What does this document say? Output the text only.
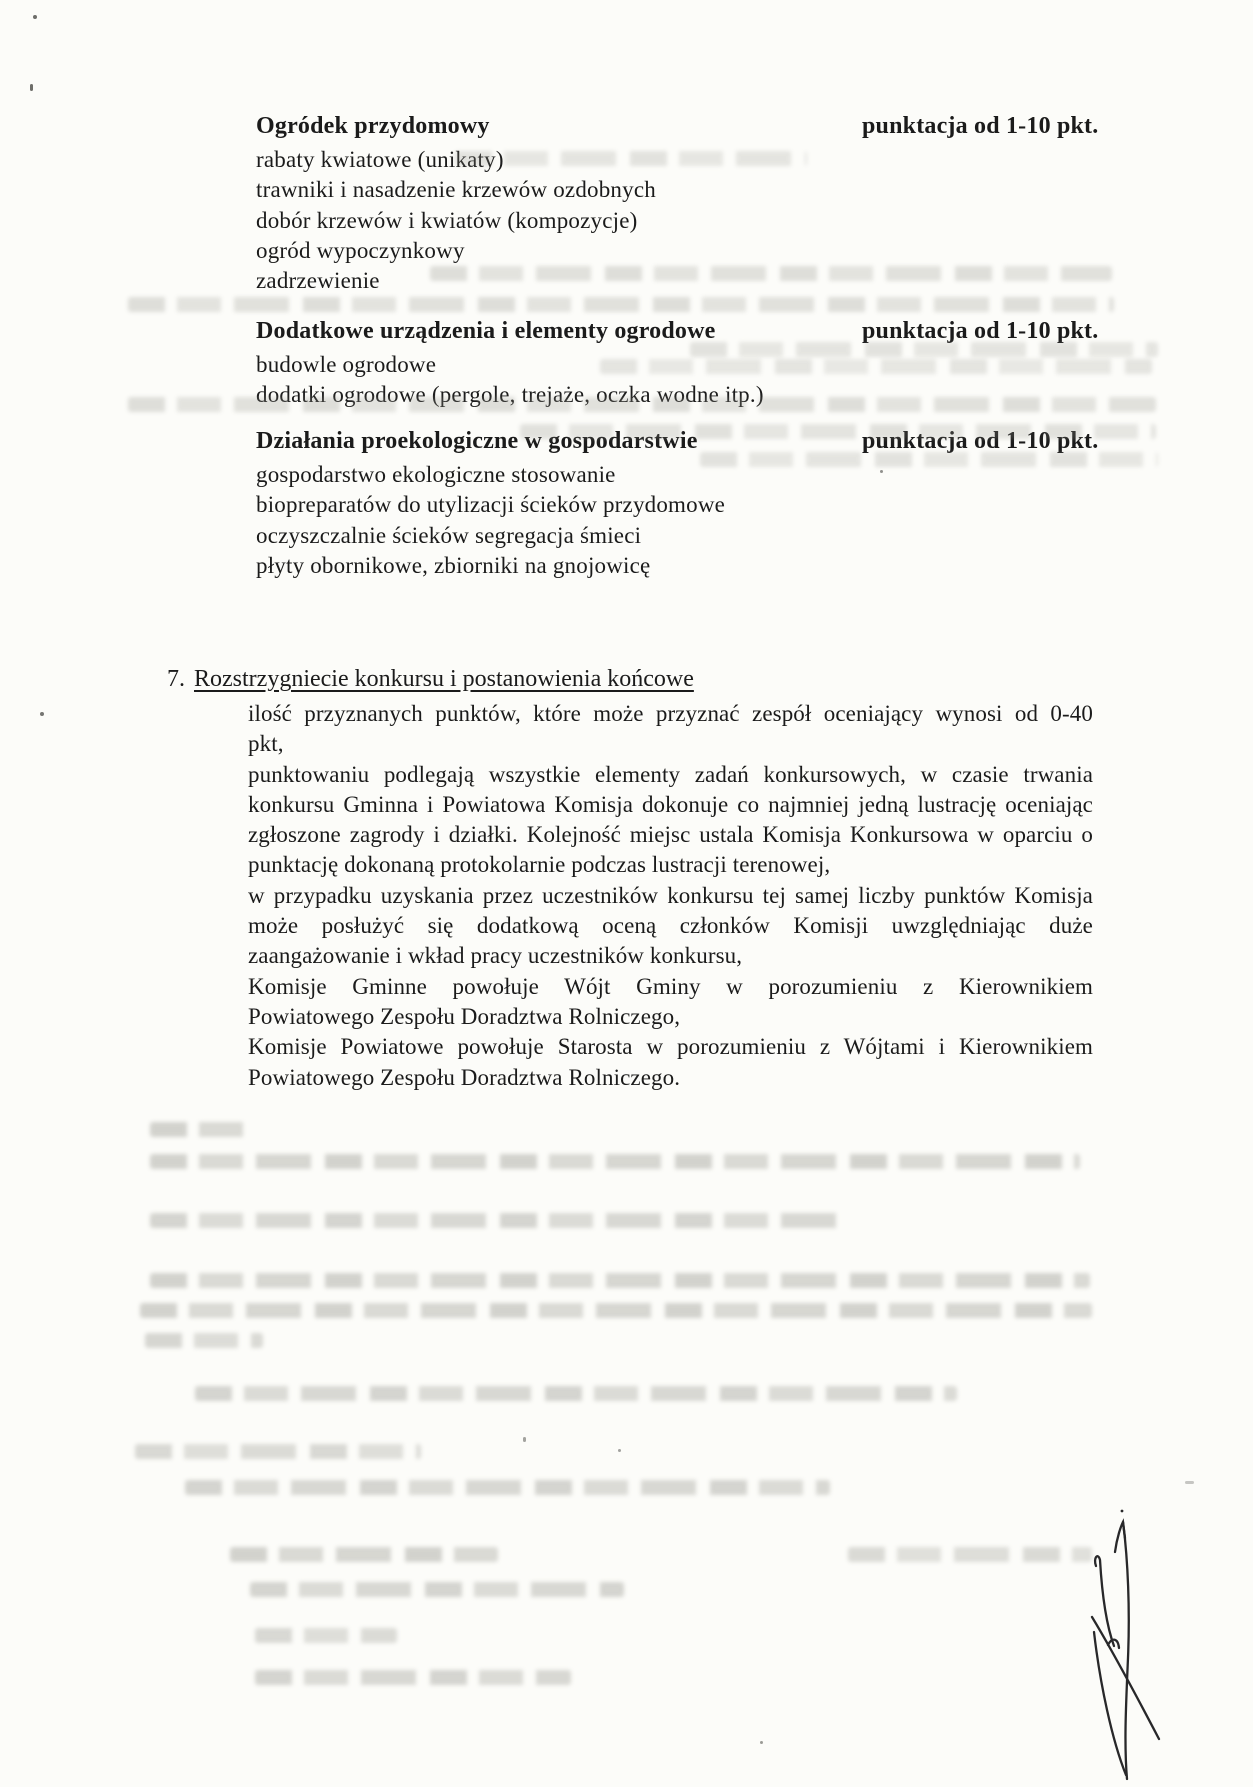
Ogródek przydomowy
rabaty kwiatowe (unikaty)
trawniki i nasadzenie krzewów ozdobnych
dobór krzewów i kwiatów (kompozycje)
ogród wypoczynkowy
zadrzewienie
punktacja od 1-10 pkt.
Dodatkowe urządzenia i elementy ogrodowe
budowle ogrodowe
dodatki ogrodowe (pergole, trejaże, oczka wodne itp.)
punktacja od 1-10 pkt.
Działania proekologiczne w gospodarstwie
gospodarstwo ekologiczne stosowanie
biopreparatów do utylizacji ścieków przydomowe
oczyszczalnie ścieków segregacja śmieci
płyty obornikowe, zbiorniki na gnojowicę
punktacja od 1-10 pkt.
7. Rozstrzygniecie konkursu i postanowienia końcowe
ilość przyznanych punktów, które może przyznać zespół oceniający wynosi od 0-40
pkt,
punktowaniu podlegają wszystkie elementy zadań konkursowych, w czasie trwania
konkursu Gminna i Powiatowa Komisja dokonuje co najmniej jedną lustrację oceniając
zgłoszone zagrody i działki. Kolejność miejsc ustala Komisja Konkursowa w oparciu o
punktację dokonaną protokolarnie podczas lustracji terenowej,
w przypadku uzyskania przez uczestników konkursu tej samej liczby punktów Komisja
może posłużyć się dodatkową oceną członków Komisji uwzględniając duże
zaangażowanie i wkład pracy uczestników konkursu,
Komisje Gminne powołuje Wójt Gminy w porozumieniu z Kierownikiem
Powiatowego Zespołu Doradztwa Rolniczego,
Komisje Powiatowe powołuje Starosta w porozumieniu z Wójtami i Kierownikiem
Powiatowego Zespołu Doradztwa Rolniczego.
